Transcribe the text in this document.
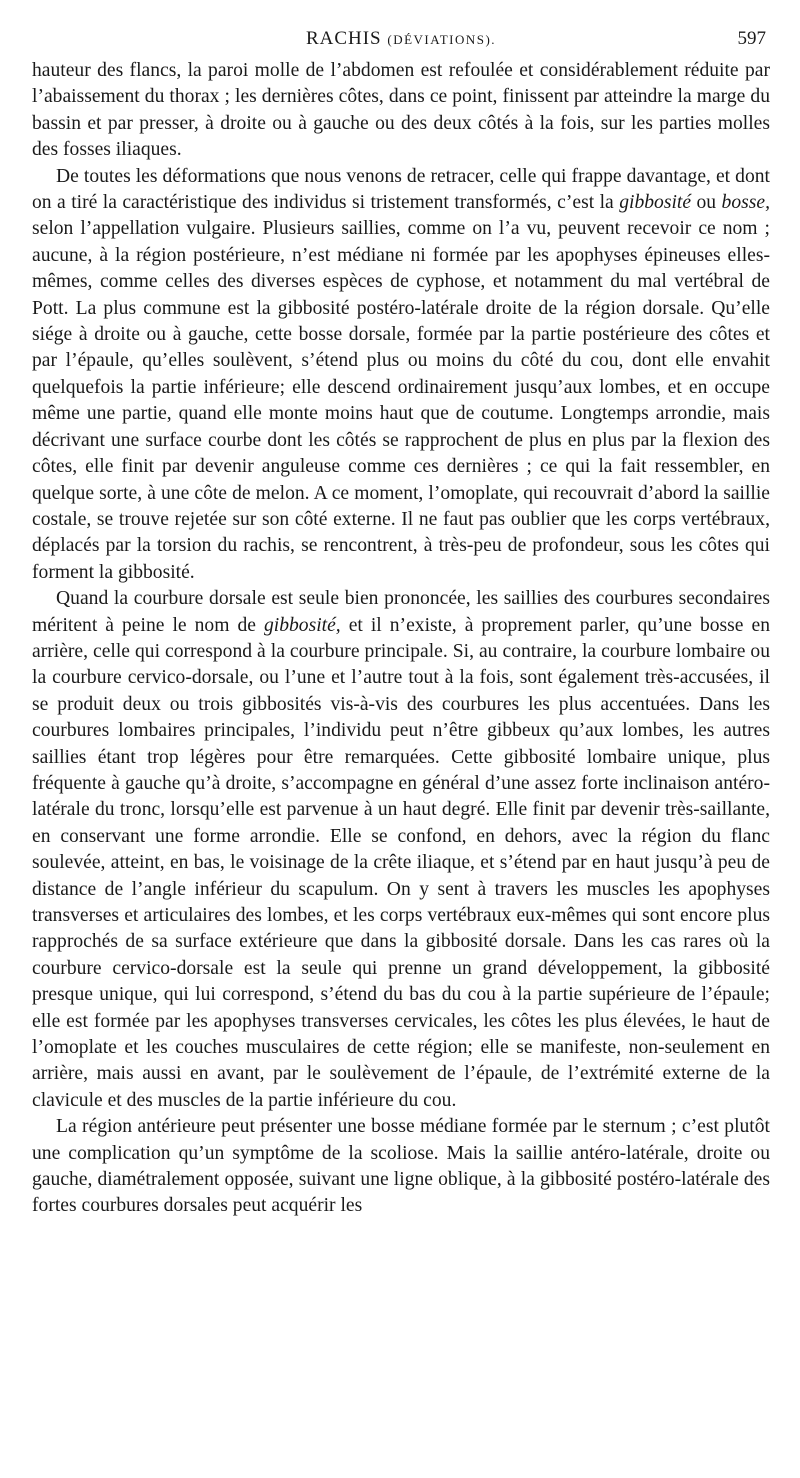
RACHIS (DÉVIATIONS).	597

hauteur des flancs, la paroi molle de l’abdomen est refoulée et considérablement réduite par l’abaissement du thorax ; les dernières côtes, dans ce point, finissent par atteindre la marge du bassin et par presser, à droite ou à gauche ou des deux côtés à la fois, sur les parties molles des fosses iliaques.

De toutes les déformations que nous venons de retracer, celle qui frappe davantage, et dont on a tiré la caractéristique des individus si tristement transformés, c’est la gibbosité ou bosse, selon l’appellation vulgaire. Plusieurs saillies, comme on l’a vu, peuvent recevoir ce nom ; aucune, à la région postérieure, n’est médiane ni formée par les apophyses épineuses elles-mêmes, comme celles des diverses espèces de cyphose, et notamment du mal vertébral de Pott. La plus commune est la gibbosité postéro-latérale droite de la région dorsale. Qu’elle siége à droite ou à gauche, cette bosse dorsale, formée par la partie postérieure des côtes et par l’épaule, qu’elles soulèvent, s’étend plus ou moins du côté du cou, dont elle envahit quelquefois la partie inférieure; elle descend ordinairement jusqu’aux lombes, et en occupe même une partie, quand elle monte moins haut que de coutume. Longtemps arrondie, mais décrivant une surface courbe dont les côtés se rapprochent de plus en plus par la flexion des côtes, elle finit par devenir anguleuse comme ces dernières ; ce qui la fait ressembler, en quelque sorte, à une côte de melon. A ce moment, l’omoplate, qui recouvrait d’abord la saillie costale, se trouve rejetée sur son côté externe. Il ne faut pas oublier que les corps vertébraux, déplacés par la torsion du rachis, se rencontrent, à très-peu de profondeur, sous les côtes qui forment la gibbosité.

Quand la courbure dorsale est seule bien prononcée, les saillies des courbures secondaires méritent à peine le nom de gibbosité, et il n’existe, à proprement parler, qu’une bosse en arrière, celle qui correspond à la courbure principale. Si, au contraire, la courbure lombaire ou la courbure cervico-dorsale, ou l’une et l’autre tout à la fois, sont également très-accusées, il se produit deux ou trois gibbosités vis-à-vis des courbures les plus accentuées. Dans les courbures lombaires principales, l’individu peut n’être gibbeux qu’aux lombes, les autres saillies étant trop légères pour être remarquées. Cette gibbosité lombaire unique, plus fréquente à gauche qu’à droite, s’accompagne en général d’une assez forte inclinaison antéro-latérale du tronc, lorsqu’elle est parvenue à un haut degré. Elle finit par devenir très-saillante, en conservant une forme arrondie. Elle se confond, en dehors, avec la région du flanc soulevée, atteint, en bas, le voisinage de la crête iliaque, et s’étend par en haut jusqu’à peu de distance de l’angle inférieur du scapulum. On y sent à travers les muscles les apophyses transverses et articulaires des lombes, et les corps vertébraux eux-mêmes qui sont encore plus rapprochés de sa surface extérieure que dans la gibbosité dorsale. Dans les cas rares où la courbure cervico-dorsale est la seule qui prenne un grand développement, la gibbosité presque unique, qui lui correspond, s’étend du bas du cou à la partie supérieure de l’épaule; elle est formée par les apophyses transverses cervicales, les côtes les plus élevées, le haut de l’omoplate et les couches musculaires de cette région; elle se manifeste, non-seulement en arrière, mais aussi en avant, par le soulèvement de l’épaule, de l’extrémité externe de la clavicule et des muscles de la partie inférieure du cou.

La région antérieure peut présenter une bosse médiane formée par le sternum ; c’est plutôt une complication qu’un symptôme de la scoliose. Mais la saillie antéro-latérale, droite ou gauche, diamétralement opposée, suivant une ligne oblique, à la gibbosité postéro-latérale des fortes courbures dorsales peut acquérir les
